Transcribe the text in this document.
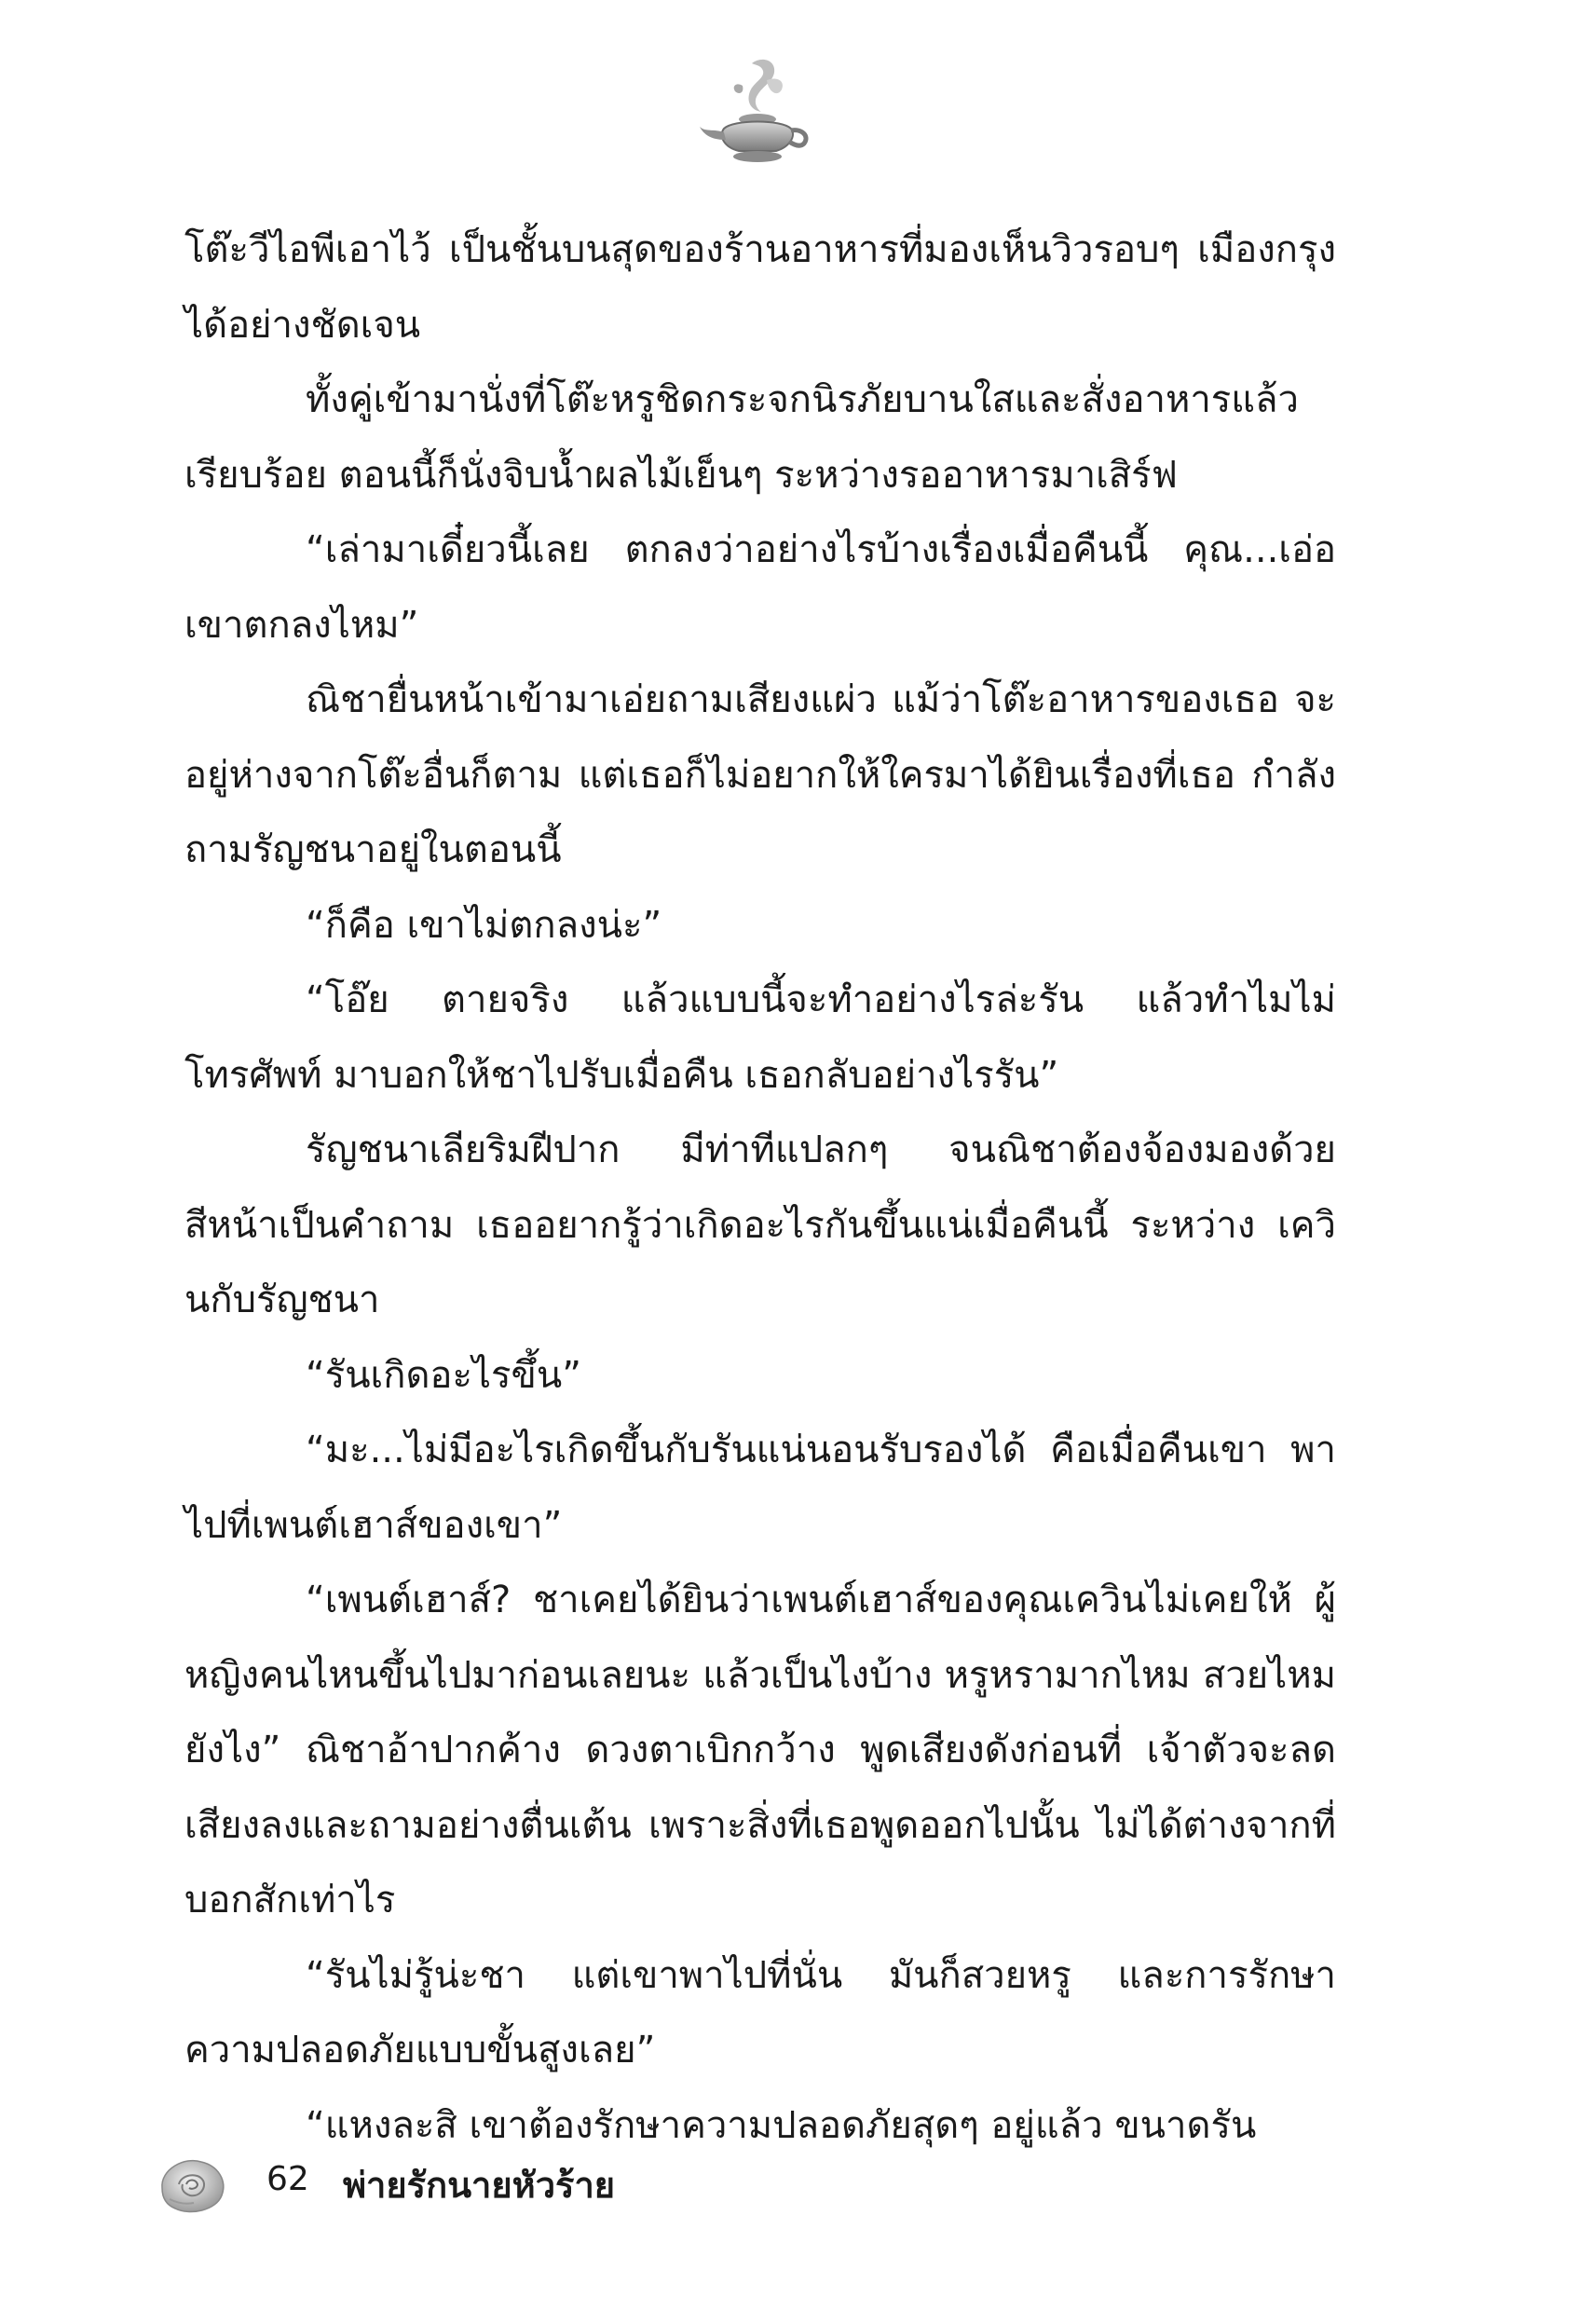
โต๊ะวีไอพีเอาไว้ เป็นชั้นบนสุดของร้านอาหารที่มองเห็นวิวรอบๆ เมืองกรุงได้อย่างชัดเจน

ทั้งคู่เข้ามานั่งที่โต๊ะหรูชิดกระจกนิรภัยบานใสและสั่งอาหารแล้ว เรียบร้อย ตอนนี้ก็นั่งจิบน้ำผลไม้เย็นๆ ระหว่างรออาหารมาเสิร์ฟ

“เล่ามาเดี๋ยวนี้เลย ตกลงว่าอย่างไรบ้างเรื่องเมื่อคืนนี้ คุณ...เอ่อ เขาตกลงไหม”

ณิชายื่นหน้าเข้ามาเอ่ยถามเสียงแผ่ว แม้ว่าโต๊ะอาหารของเธอ จะอยู่ห่างจากโต๊ะอื่นก็ตาม แต่เธอก็ไม่อยากให้ใครมาได้ยินเรื่องที่เธอ กำลังถามรัญชนาอยู่ในตอนนี้

“ก็คือ เขาไม่ตกลงน่ะ”

“โอ๊ย ตายจริง แล้วแบบนี้จะทำอย่างไรล่ะรัน แล้วทำไมไม่โทรศัพท์ มาบอกให้ชาไปรับเมื่อคืน เธอกลับอย่างไรรัน”

รัญชนาเลียริมฝีปาก มีท่าทีแปลกๆ จนณิชาต้องจ้องมองด้วย สีหน้าเป็นคำถาม เธออยากรู้ว่าเกิดอะไรกันขึ้นแน่เมื่อคืนนี้ ระหว่าง เควินกับรัญชนา

“รันเกิดอะไรขึ้น”

“มะ...ไม่มีอะไรเกิดขึ้นกับรันแน่นอนรับรองได้ คือเมื่อคืนเขา พาไปที่เพนต์เฮาส์ของเขา”

“เพนต์เฮาส์? ชาเคยได้ยินว่าเพนต์เฮาส์ของคุณเควินไม่เคยให้ ผู้หญิงคนไหนขึ้นไปมาก่อนเลยนะ แล้วเป็นไงบ้าง หรูหรามากไหม สวยไหม ยังไง” ณิชาอ้าปากค้าง ดวงตาเบิกกว้าง พูดเสียงดังก่อนที่ เจ้าตัวจะลดเสียงลงและถามอย่างตื่นเต้น เพราะสิ่งที่เธอพูดออกไปนั้น ไม่ได้ต่างจากที่บอกสักเท่าไร

“รันไม่รู้น่ะชา แต่เขาพาไปที่นั่น มันก็สวยหรู และการรักษา ความปลอดภัยแบบขั้นสูงเลย”

“แหงละสิ เขาต้องรักษาความปลอดภัยสุดๆ อยู่แล้ว ขนาดรัน

62 พ่ายรักนายหัวร้าย
